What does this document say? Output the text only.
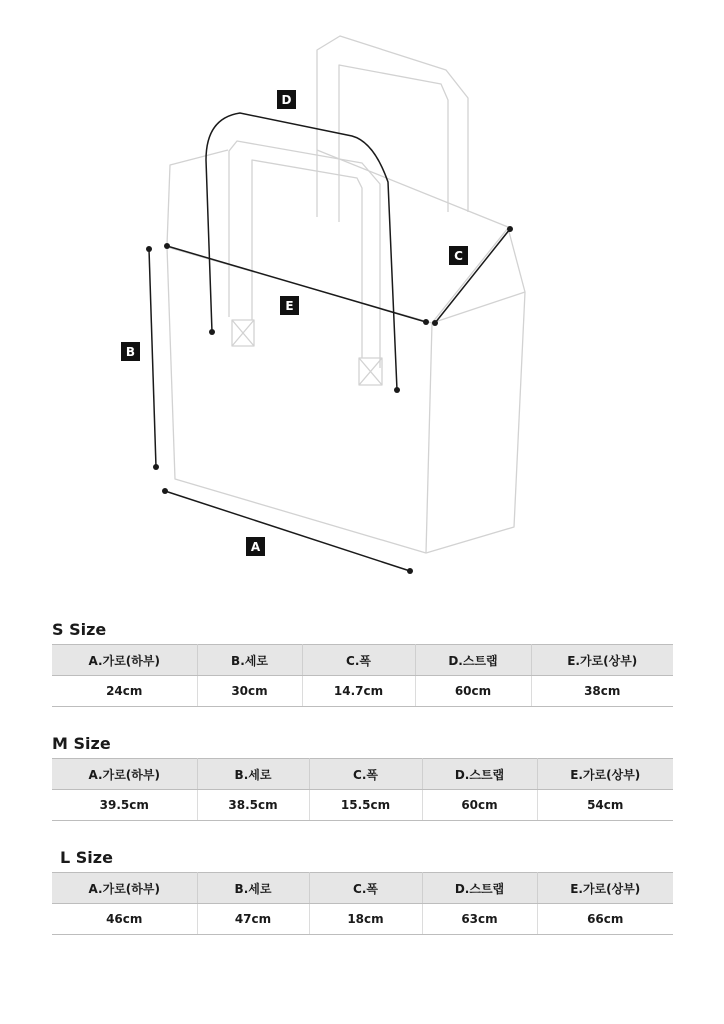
D
C
E
B
A
S Size
A.가로(하부)	B.세로	C.폭	D.스트랩	E.가로(상부)
24cm	30cm	14.7cm	60cm	38cm
M Size
A.가로(하부)	B.세로	C.폭	D.스트랩	E.가로(상부)
39.5cm	38.5cm	15.5cm	60cm	54cm
L Size
A.가로(하부)	B.세로	C.폭	D.스트랩	E.가로(상부)
46cm	47cm	18cm	63cm	66cm
